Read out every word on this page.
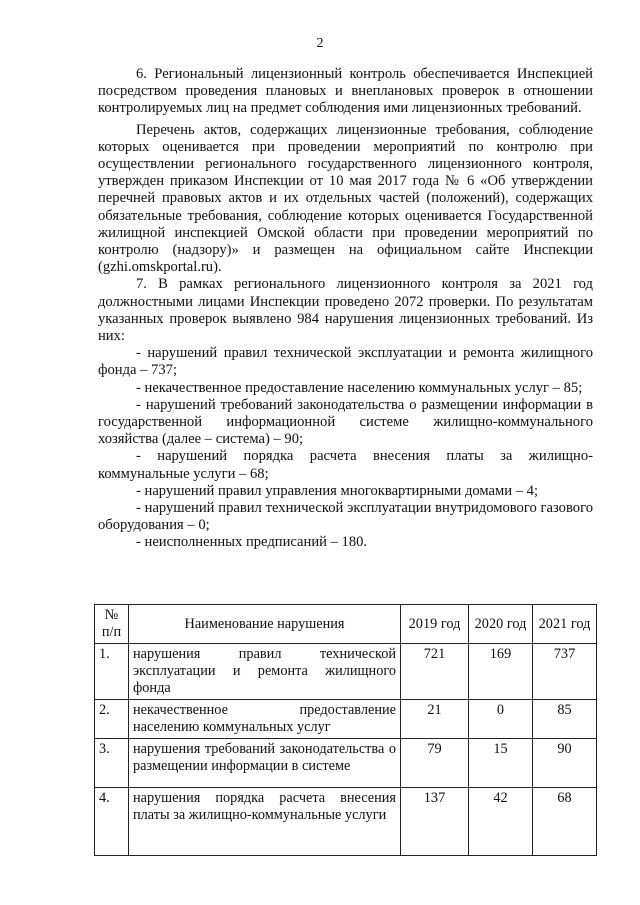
2

6. Региональный лицензионный контроль обеспечивается Инспекцией посредством проведения плановых и внеплановых проверок в отношении контролируемых лиц на предмет соблюдения ими лицензионных требований.

Перечень актов, содержащих лицензионные требования, соблюдение которых оценивается при проведении мероприятий по контролю при осуществлении регионального государственного лицензионного контроля, утвержден приказом Инспекции от 10 мая 2017 года № 6 «Об утверждении перечней правовых актов и их отдельных частей (положений), содержащих обязательные требования, соблюдение которых оценивается Государственной жилищной инспекцией Омской области при проведении мероприятий по контролю (надзору)» и размещен на официальном сайте Инспекции (gzhi.omskportal.ru).

7. В рамках регионального лицензионного контроля за 2021 год должностными лицами Инспекции проведено 2072 проверки. По результатам указанных проверок выявлено 984 нарушения лицензионных требований. Из них:

- нарушений правил технической эксплуатации и ремонта жилищного фонда – 737;

- некачественное предоставление населению коммунальных услуг – 85;

- нарушений требований законодательства о размещении информации в государственной информационной системе жилищно-коммунального хозяйства (далее – система) – 90;

- нарушений порядка расчета внесения платы за жилищно-коммунальные услуги – 68;

- нарушений правил управления многоквартирными домами – 4;

- нарушений правил технической эксплуатации внутридомового газового оборудования – 0;

- неисполненных предписаний – 180.

№ п/п	Наименование нарушения	2019 год	2020 год	2021 год
1.	нарушения правил технической эксплуатации и ремонта жилищного фонда	721	169	737
2.	некачественное предоставление населению коммунальных услуг	21	0	85
3.	нарушения требований законодательства о размещении информации в системе	79	15	90
4.	нарушения порядка расчета внесения платы за жилищно-коммунальные услуги	137	42	68
